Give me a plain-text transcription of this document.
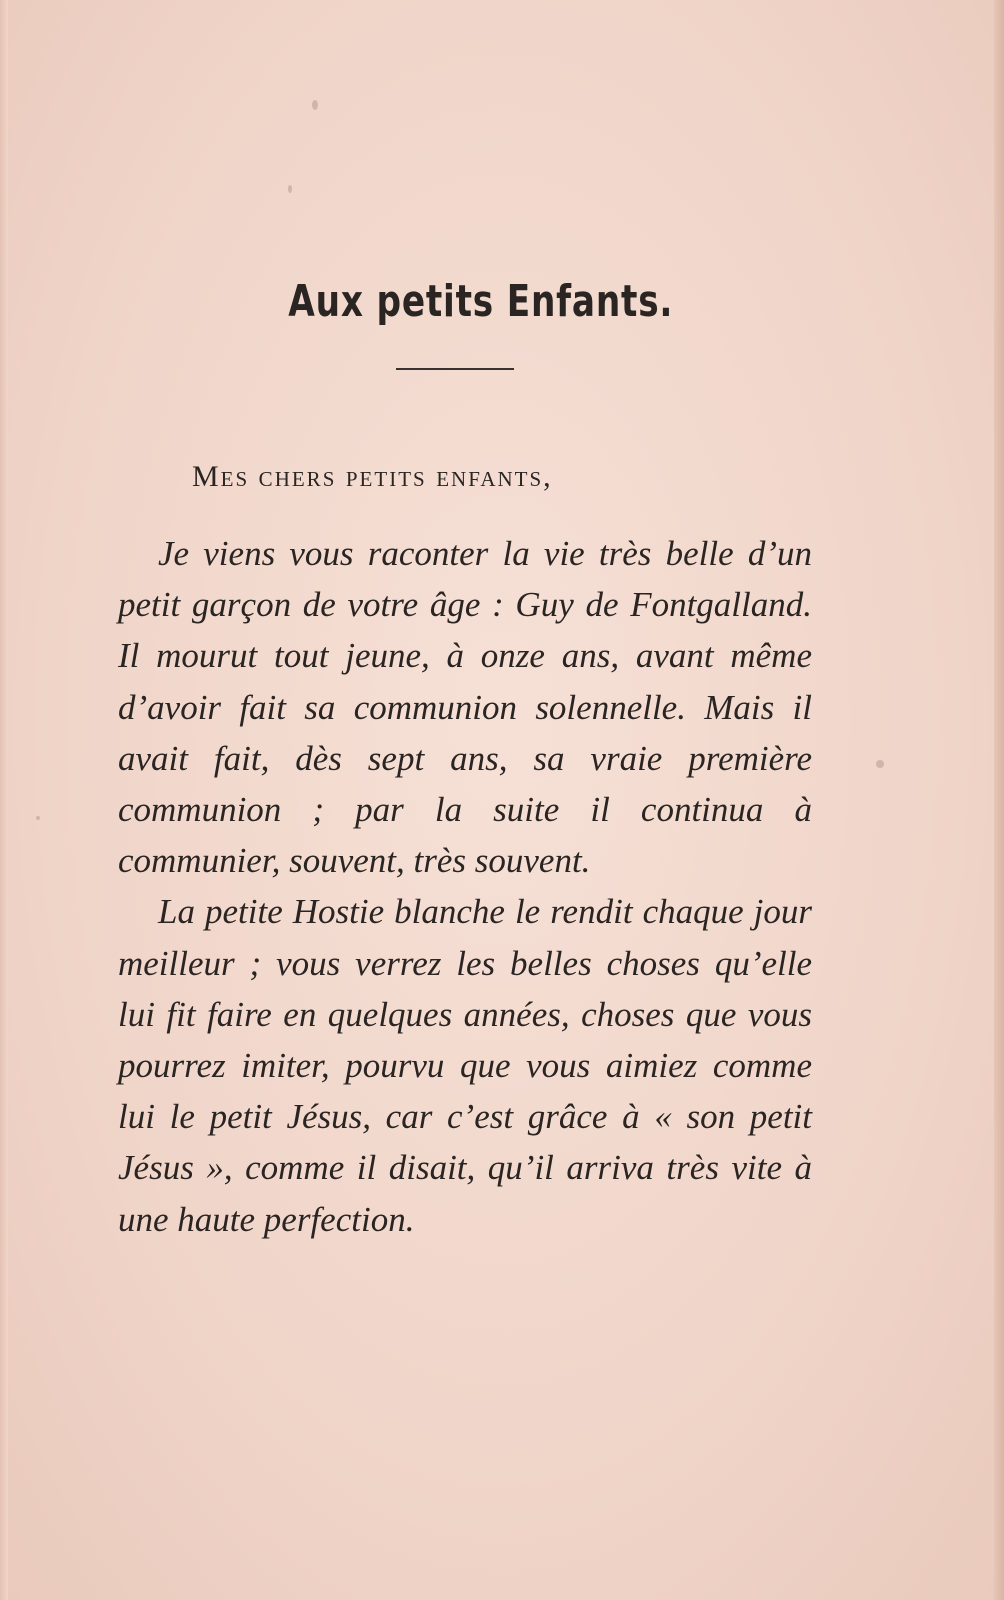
Aux petits Enfants.
Mes chers petits enfants,

Je viens vous raconter la vie très belle d’un petit garçon de votre âge : Guy de Fontgalland. Il mourut tout jeune, à onze ans, avant même d’avoir fait sa communion solennelle. Mais il avait fait, dès sept ans, sa vraie première communion ; par la suite il continua à communier, souvent, très souvent.

La petite Hostie blanche le rendit chaque jour meilleur ; vous verrez les belles choses qu’elle lui fit faire en quelques années, choses que vous pourrez imiter, pourvu que vous aimiez comme lui le petit Jésus, car c’est grâce à « son petit Jésus », comme il disait, qu’il arriva très vite à une haute perfection.
